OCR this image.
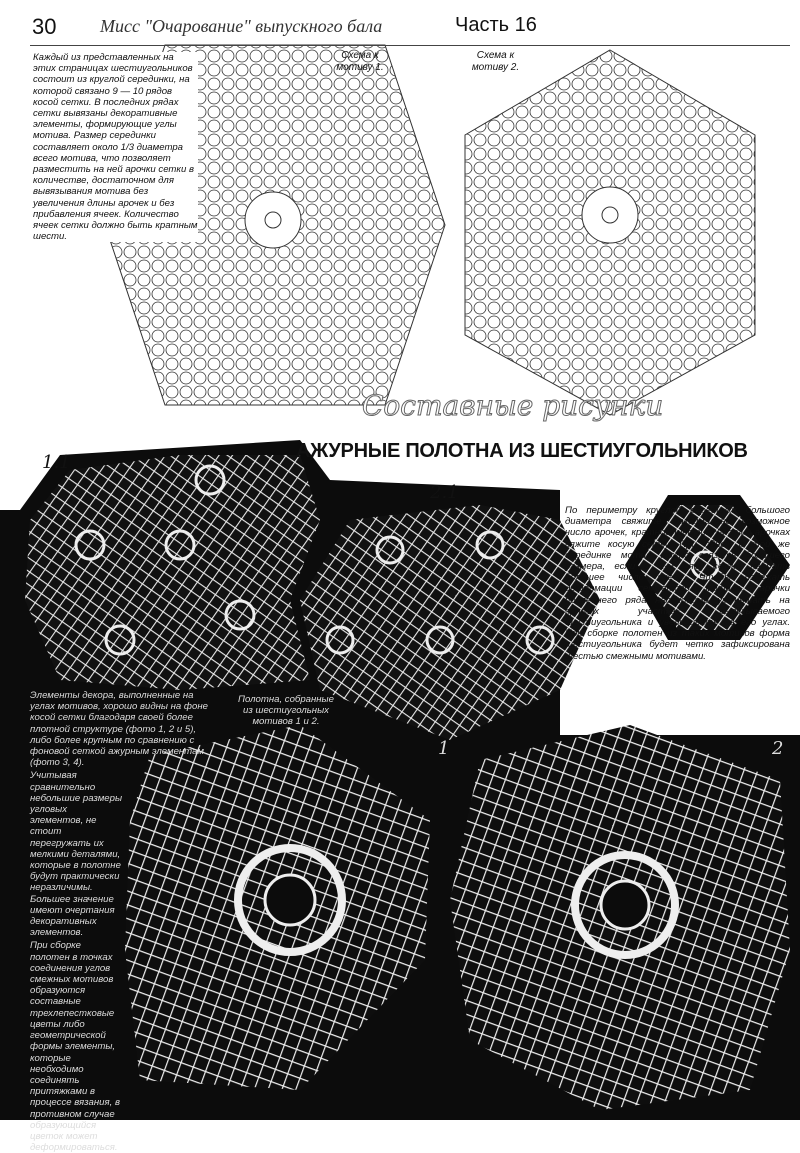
30 Мисс "Очарование" выпускного бала	Часть 16
Схема к мотиву 1.
Схема к мотиву 2.
Каждый из представленных на этих страницах шестиугольников состоит из круглой серединки, на которой связано 9 — 10 рядов косой сетки. В последних рядах сетки вывязаны декоративные элементы, формирующие углы мотива. Размер серединки составляет около 1/3 диаметра всего мотива, что позволяет разместить на ней арочки сетки в количестве, достаточном для вывязывания мотива без увеличения длины арочек и без прибавления ячеек. Количество ячеек сетки должно быть кратным шести.
Составные рисунки
АЖУРНЫЕ ПОЛОТНА ИЗ ШЕСТИУГОЛЬНИКОВ
1.1
2.1
1	2
По периметру круглой серединки большого диаметра свяжите максимально возможное число арочек, кратное шести. На этих арочках вяжите косую сетку. При одной и той же серединке мотив можно связать большего размера, если в 1-м ряду сетки набрать большее число ячеек. Чтобы избежать деформации сетчатого мотива, арочки последнего ряда необходимо уменьшать на прямых участках вывязываемого шестиугольника и увеличивать на его углах. При сборке полотен из таких мотивов форма шестиугольника будет четко зафиксирована шестью смежными мотивами.
Полотна, собранные из шестиугольных мотивов 1 и 2.
Элементы декора, выполненные на углах мотивов, хорошо видны на фоне косой сетки благодаря своей более плотной структуре (фото 1, 2 и 5), либо более крупным по сравнению с фоновой сеткой ажурным элементам (фото 3, 4).
Учитывая сравнительно небольшие размеры угловых элементов, не стоит перегружать их мелкими деталями, которые в полотне будут практически неразличимы. Большее значение имеют очертания декоративных элементов.
При сборке полотен в точках соединения углов смежных мотивов образуются составные трехлепестковые цветы либо геометрической формы элементы, которые необходимо соединять притяжками в процессе вязания, в противном случае образующийся цветок может деформироваться.
